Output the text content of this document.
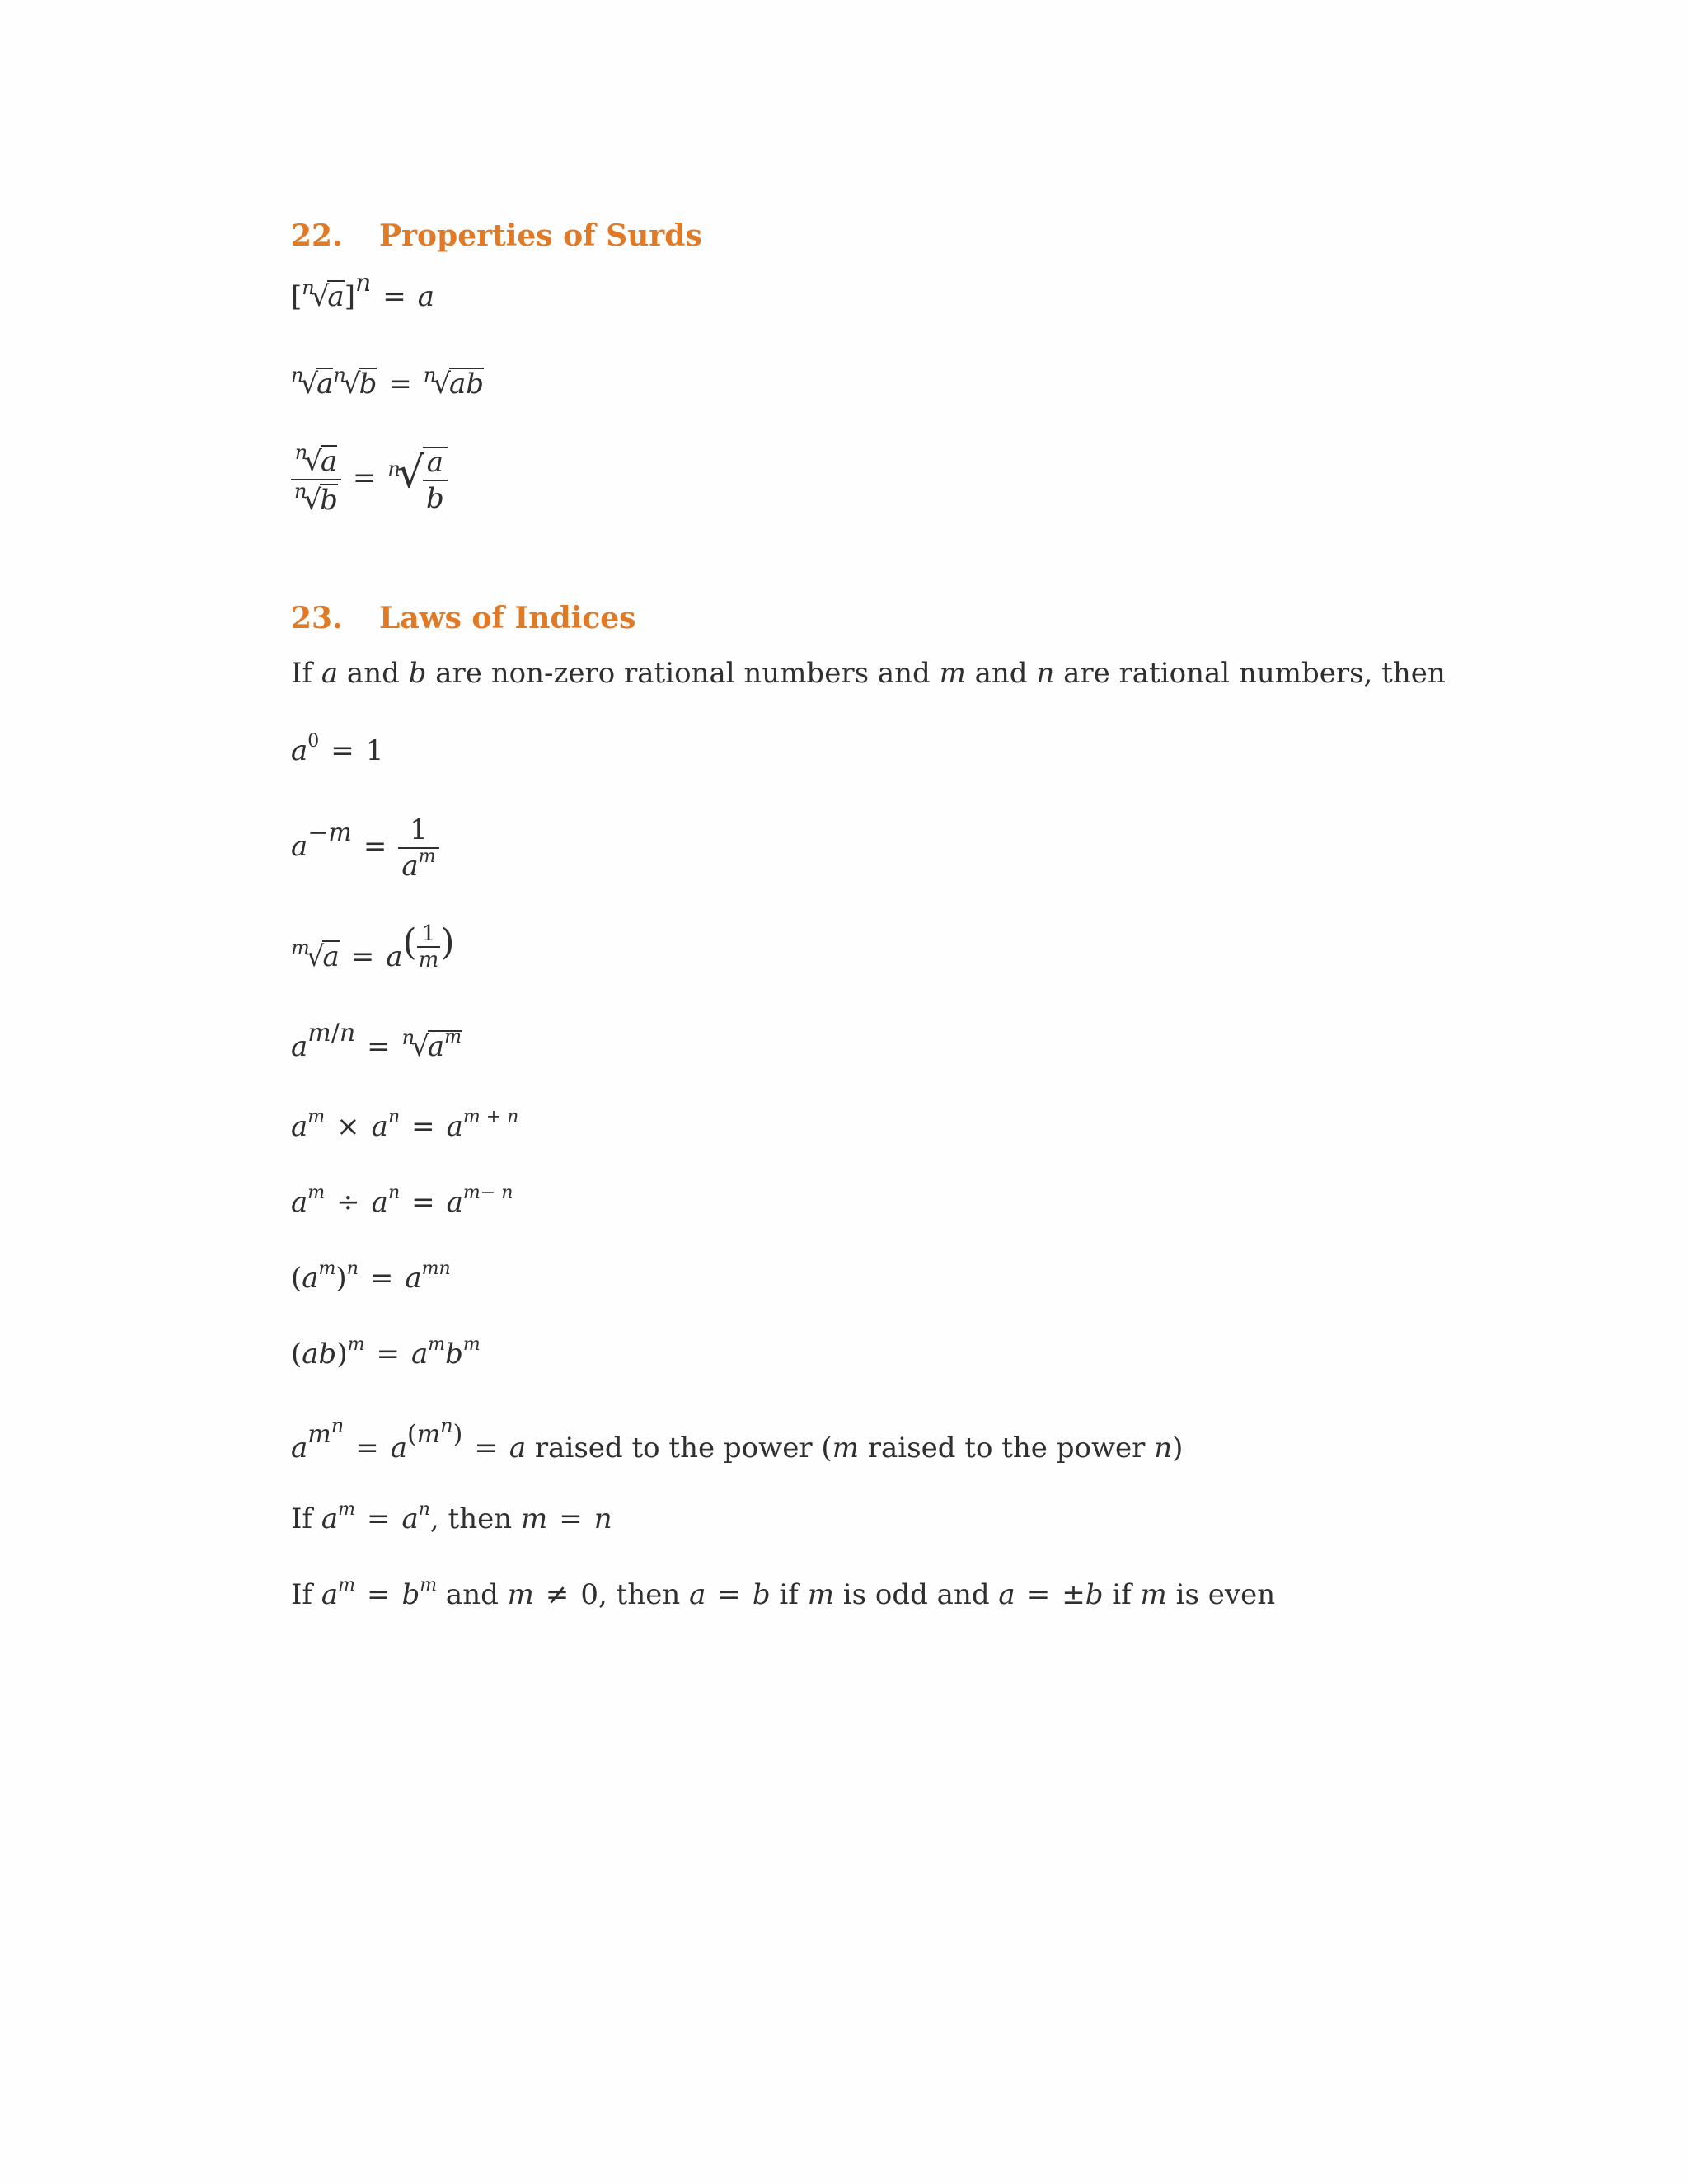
22. Properties of Surds
[$^n$√a]n = a
$^n√a^n√b = ^n√ab$
$\frac{^n√a}{^n√b} = ^n√$
$\frac{a}{b}$
23. Laws of Indices
If a and b are non-zero rational numbers and m and n are rational numbers, then
$a^0 = 1$
$a-m = \frac{1}{a^m}$
$^m√a = a( \frac{1}{m}$ )
$am/n = ^n√a^m$
$a^m \times a^n = a^{m + n}$
$a^m \div a^n = a^{m- n}$
$(a^m)^n = a^{mn}$
$(ab)^m = a^mb^m$
$am^n= a(m^n) = a$ raised to the power (m raised to the power n)
If $a^m = a^n$, then m = n
If $a^m = b^m$ and m ≠ 0, then a = b if m is odd and a = ±b if m is even
